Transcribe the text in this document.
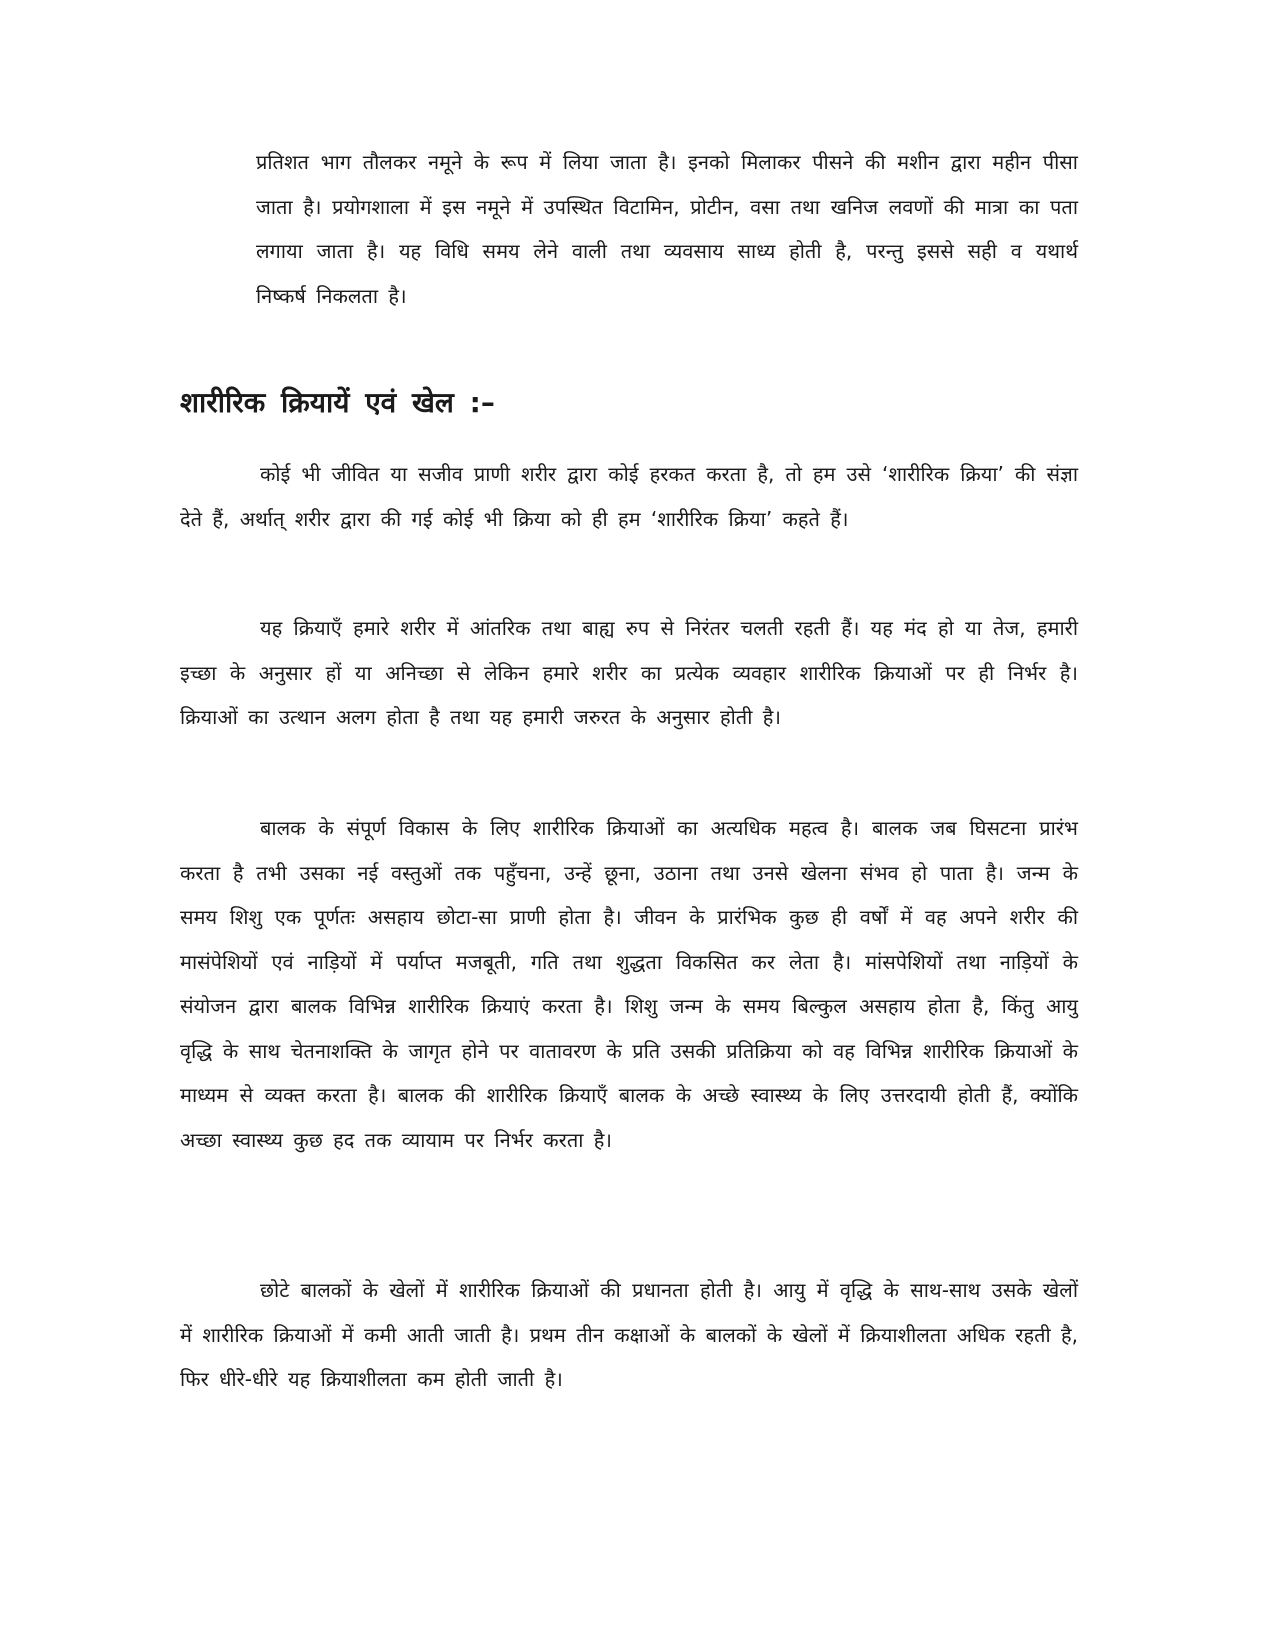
प्रतिशत भाग तौलकर नमूने के रूप में लिया जाता है। इनको मिलाकर पीसने की मशीन द्वारा महीन पीसा जाता है। प्रयोगशाला में इस नमूने में उपस्थित विटामिन, प्रोटीन, वसा तथा खनिज लवणों की मात्रा का पता लगाया जाता है। यह विधि समय लेने वाली तथा व्यवसाय साध्य होती है, परन्तु इससे सही व यथार्थ निष्कर्ष निकलता है।

शारीरिक क्रियायें एवं खेल :–

कोई भी जीवित या सजीव प्राणी शरीर द्वारा कोई हरकत करता है, तो हम उसे ‘शारीरिक क्रिया’ की संज्ञा देते हैं, अर्थात् शरीर द्वारा की गई कोई भी क्रिया को ही हम ‘शारीरिक क्रिया’ कहते हैं।

यह क्रियाएँ हमारे शरीर में आंतरिक तथा बाह्य रुप से निरंतर चलती रहती हैं। यह मंद हो या तेज, हमारी इच्छा के अनुसार हों या अनिच्छा से लेकिन हमारे शरीर का प्रत्येक व्यवहार शारीरिक क्रियाओं पर ही निर्भर है। क्रियाओं का उत्थान अलग होता है तथा यह हमारी जरुरत के अनुसार होती है।

बालक के संपूर्ण विकास के लिए शारीरिक क्रियाओं का अत्यधिक महत्व है। बालक जब घिसटना प्रारंभ करता है तभी उसका नई वस्तुओं तक पहुँचना, उन्हें छूना, उठाना तथा उनसे खेलना संभव हो पाता है। जन्म के समय शिशु एक पूर्णतः असहाय छोटा-सा प्राणी होता है। जीवन के प्रारंभिक कुछ ही वर्षों में वह अपने शरीर की मासंपेशियों एवं नाड़ियों में पर्याप्त मजबूती, गति तथा शुद्धता विकसित कर लेता है। मांसपेशियों तथा नाड़ियों के संयोजन द्वारा बालक विभिन्न शारीरिक क्रियाएं करता है। शिशु जन्म के समय बिल्कुल असहाय होता है, किंतु आयु वृद्धि के साथ चेतनाशक्ति के जागृत होने पर वातावरण के प्रति उसकी प्रतिक्रिया को वह विभिन्न शारीरिक क्रियाओं के माध्यम से व्यक्त करता है। बालक की शारीरिक क्रियाएँ बालक के अच्छे स्वास्थ्य के लिए उत्तरदायी होती हैं, क्योंकि अच्छा स्वास्थ्य कुछ हद तक व्यायाम पर निर्भर करता है।

छोटे बालकों के खेलों में शारीरिक क्रियाओं की प्रधानता होती है। आयु में वृद्धि के साथ-साथ उसके खेलों में शारीरिक क्रियाओं में कमी आती जाती है। प्रथम तीन कक्षाओं के बालकों के खेलों में क्रियाशीलता अधिक रहती है, फिर धीरे-धीरे यह क्रियाशीलता कम होती जाती है।
